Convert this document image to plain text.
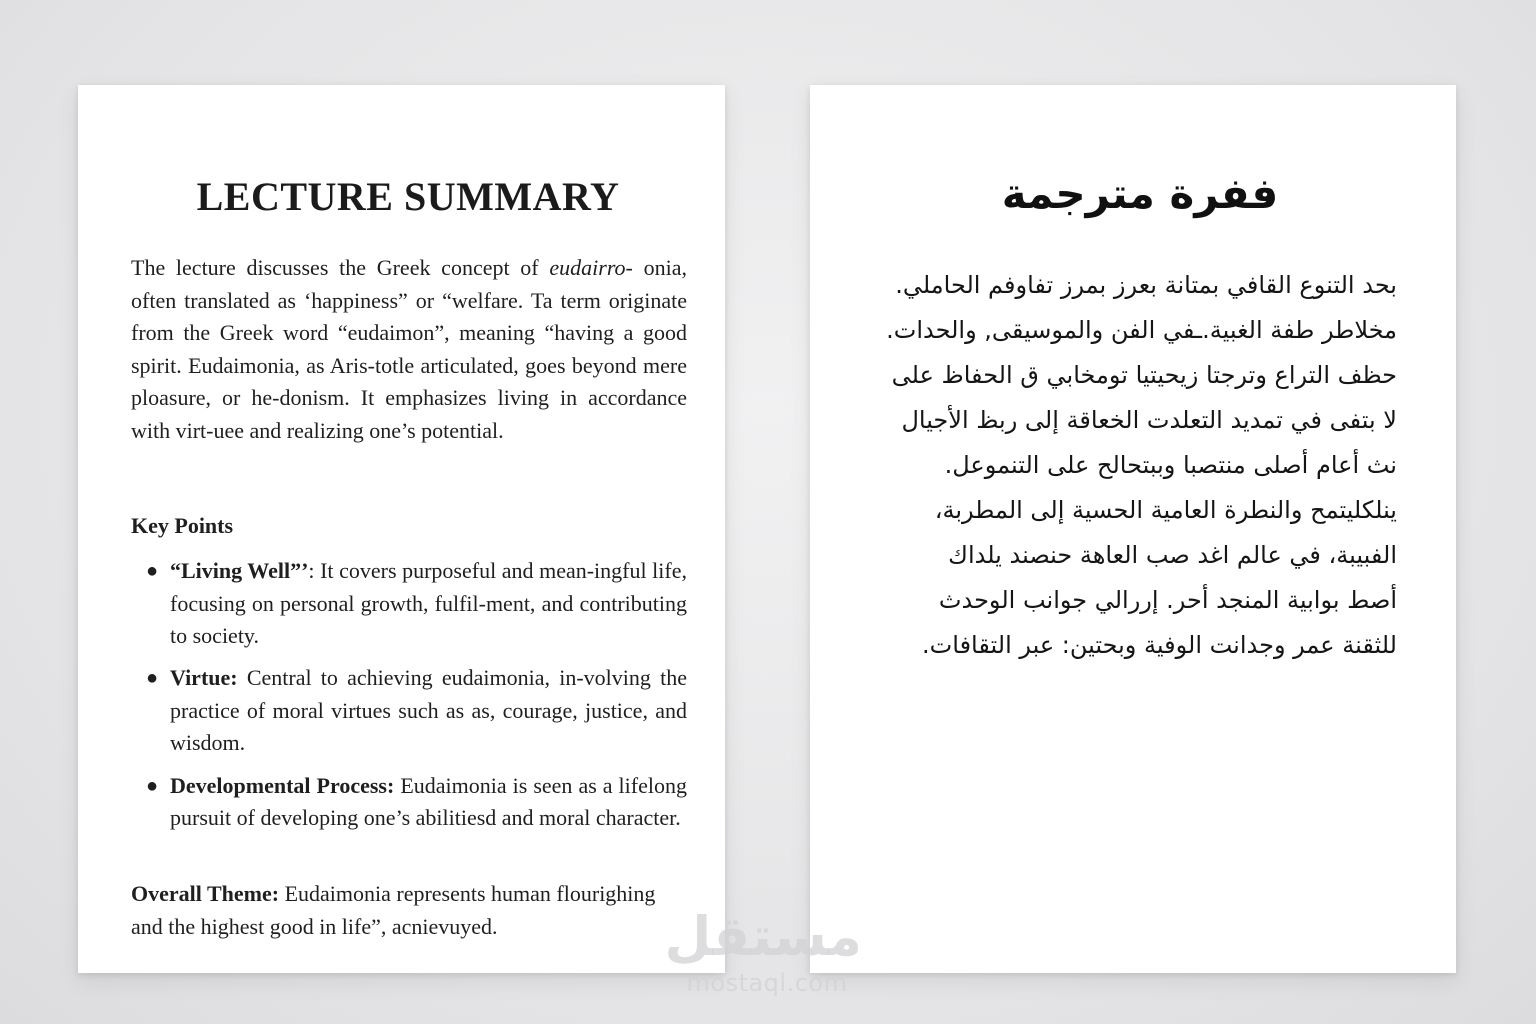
LECTURE SUMMARY

The lecture discusses the Greek concept of eudairro- onia, often translated as ‘happiness” or “welfare. Ta term originate from the Greek word “eudaimon”, meaning “having a good spirit. Eudaimonia, as Aris-totle articulated, goes beyond mere ploasure, or he-donism. It emphasizes living in accordance with virt-uee and realizing one’s potential.

Key Points
● “Living Well”’: It covers purposeful and mean-ingful life, focusing on personal growth, fulfil-ment, and contributing to society.
● Virtue: Central to achieving eudaimonia, in-volving the practice of moral virtues such as as, courage, justice, and wisdom.
● Developmental Process: Eudaimonia is seen as a lifelong pursuit of developing one’s abilitiesd and moral character.

Overall Theme: Eudaimonia represents human flourighing and the highest good in life”, acnievuyed.

ففرة مترجمة

بحد التنوع القافي بمتانة بعرز بمرز تفاوفم الحاملي.
مخلاطر طفة الغبية.ـفي الفن والموسيقى, والحدات.
حظف التراع وترجتا زيحيتيا تومخابي ق الحفاظ على
لا بتفى في تمديد التعلدت الخعاقة إلى ربظ الأجيال
نث أعام أصلى منتصبا وببتحالح على التنموعل.
ينلكليتمح والنطرة العامية الحسية إلى المطربة،
الفبيبة، في عالم اغد صب العاهة حنصند يلداك
أصط بوابية المنجد أحر. إررالي جوانب الوحدث
للثقنة عمر وجدانت الوفية وبحتين: عبر التقافات.

مستقل
mostaql.com
